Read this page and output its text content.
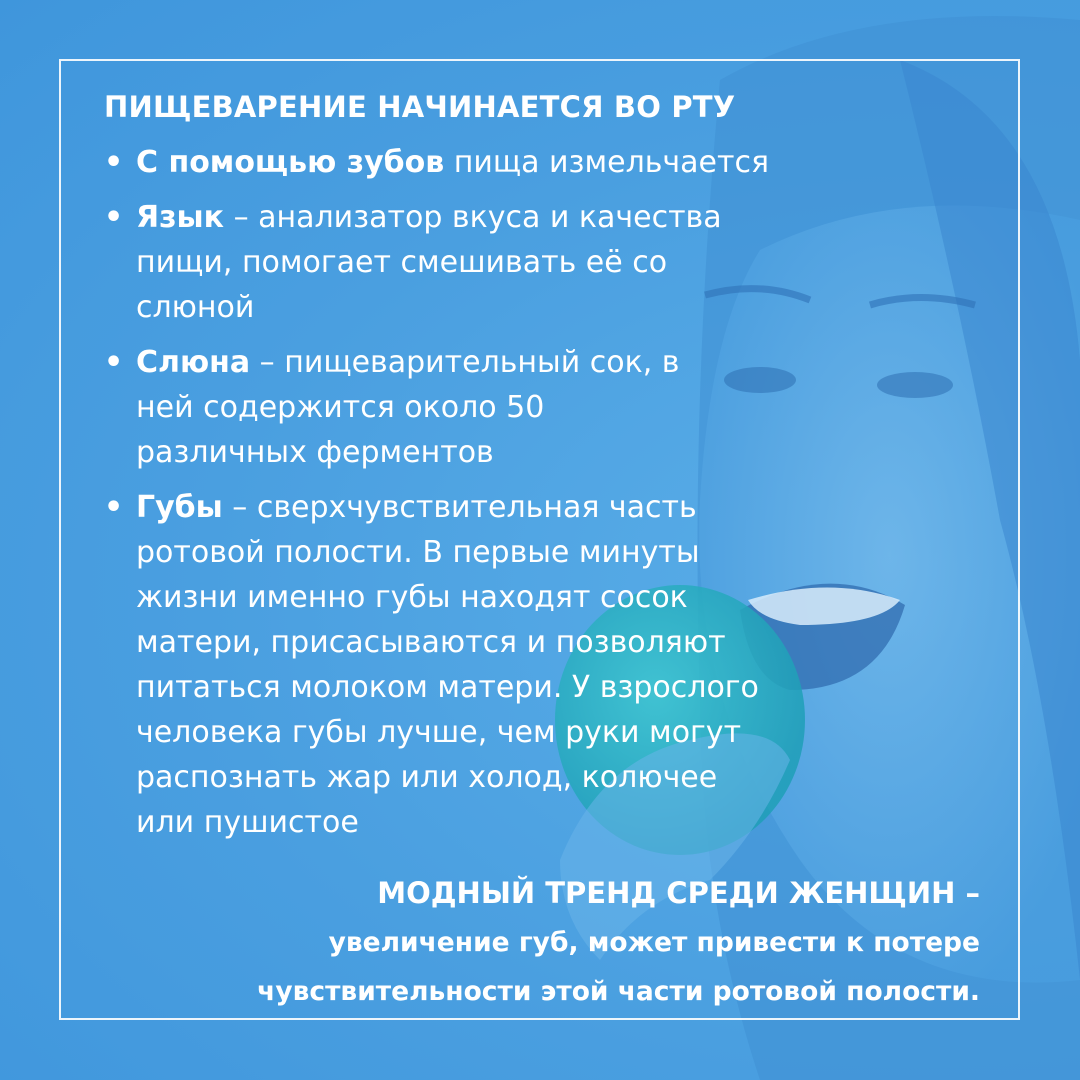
ПИЩЕВАРЕНИЕ НАЧИНАЕТСЯ ВО РТУ
• С помощью зубов пища измельчается
• Язык – анализатор вкуса и качества пищи, помогает смешивать её со слюной
• Слюна – пищеварительный сок, в ней содержится около 50 различных ферментов
• Губы – сверхчувствительная часть ротовой полости. В первые минуты жизни именно губы находят сосок матери, присасываются и позволяют питаться молоком матери. У взрослого человека губы лучше, чем руки могут распознать жар или холод, колючее или пушистое
МОДНЫЙ ТРЕНД СРЕДИ ЖЕНЩИН –
увеличение губ, может привести к потере чувствительности этой части ротовой полости.
